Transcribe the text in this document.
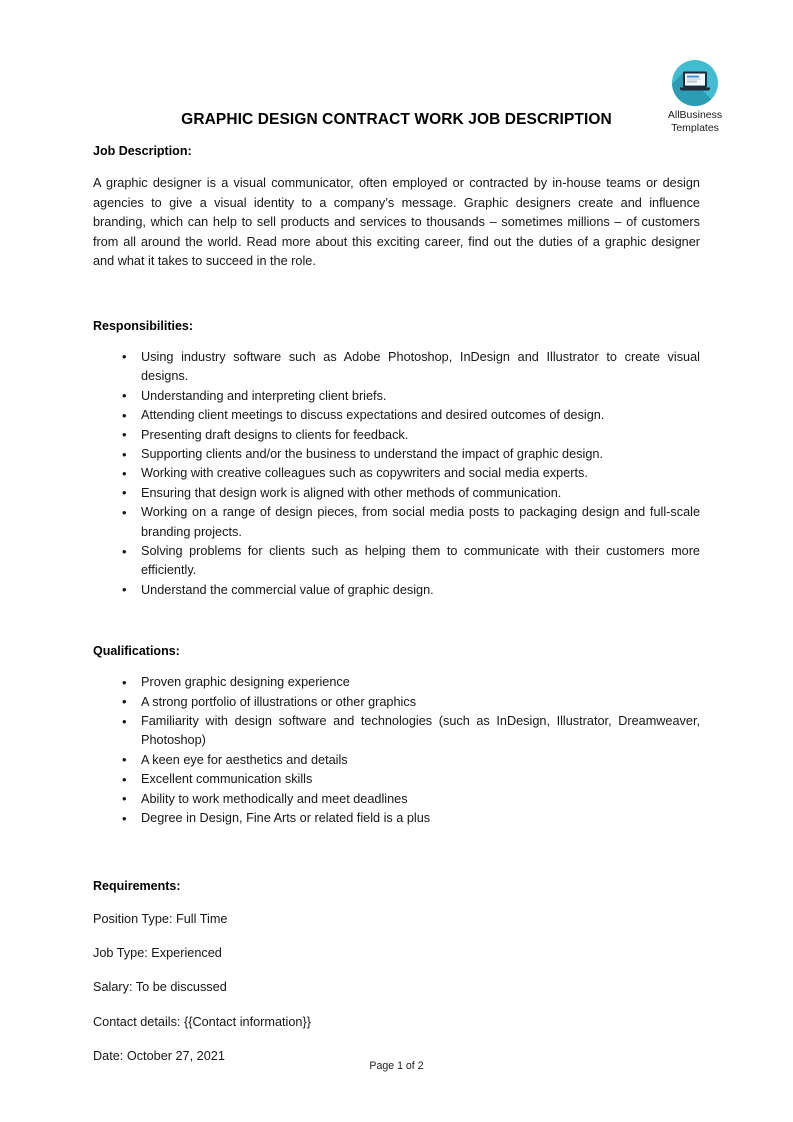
AllBusiness
Templates
GRAPHIC DESIGN CONTRACT WORK JOB DESCRIPTION

Job Description:

A graphic designer is a visual communicator, often employed or contracted by in-house teams or design agencies to give a visual identity to a company’s message. Graphic designers create and influence branding, which can help to sell products and services to thousands – sometimes millions – of customers from all around the world. Read more about this exciting career, find out the duties of a graphic designer and what it takes to succeed in the role.

Responsibilities:

• Using industry software such as Adobe Photoshop, InDesign and Illustrator to create visual designs.
• Understanding and interpreting client briefs.
• Attending client meetings to discuss expectations and desired outcomes of design.
• Presenting draft designs to clients for feedback.
• Supporting clients and/or the business to understand the impact of graphic design.
• Working with creative colleagues such as copywriters and social media experts.
• Ensuring that design work is aligned with other methods of communication.
• Working on a range of design pieces, from social media posts to packaging design and full-scale branding projects.
• Solving problems for clients such as helping them to communicate with their customers more efficiently.
• Understand the commercial value of graphic design.

Qualifications:

• Proven graphic designing experience
• A strong portfolio of illustrations or other graphics
• Familiarity with design software and technologies (such as InDesign, Illustrator, Dreamweaver, Photoshop)
• A keen eye for aesthetics and details
• Excellent communication skills
• Ability to work methodically and meet deadlines
• Degree in Design, Fine Arts or related field is a plus

Requirements:

Position Type: Full Time

Job Type: Experienced

Salary: To be discussed

Contact details: {{Contact information}}

Date: October 27, 2021

Page 1 of 2
